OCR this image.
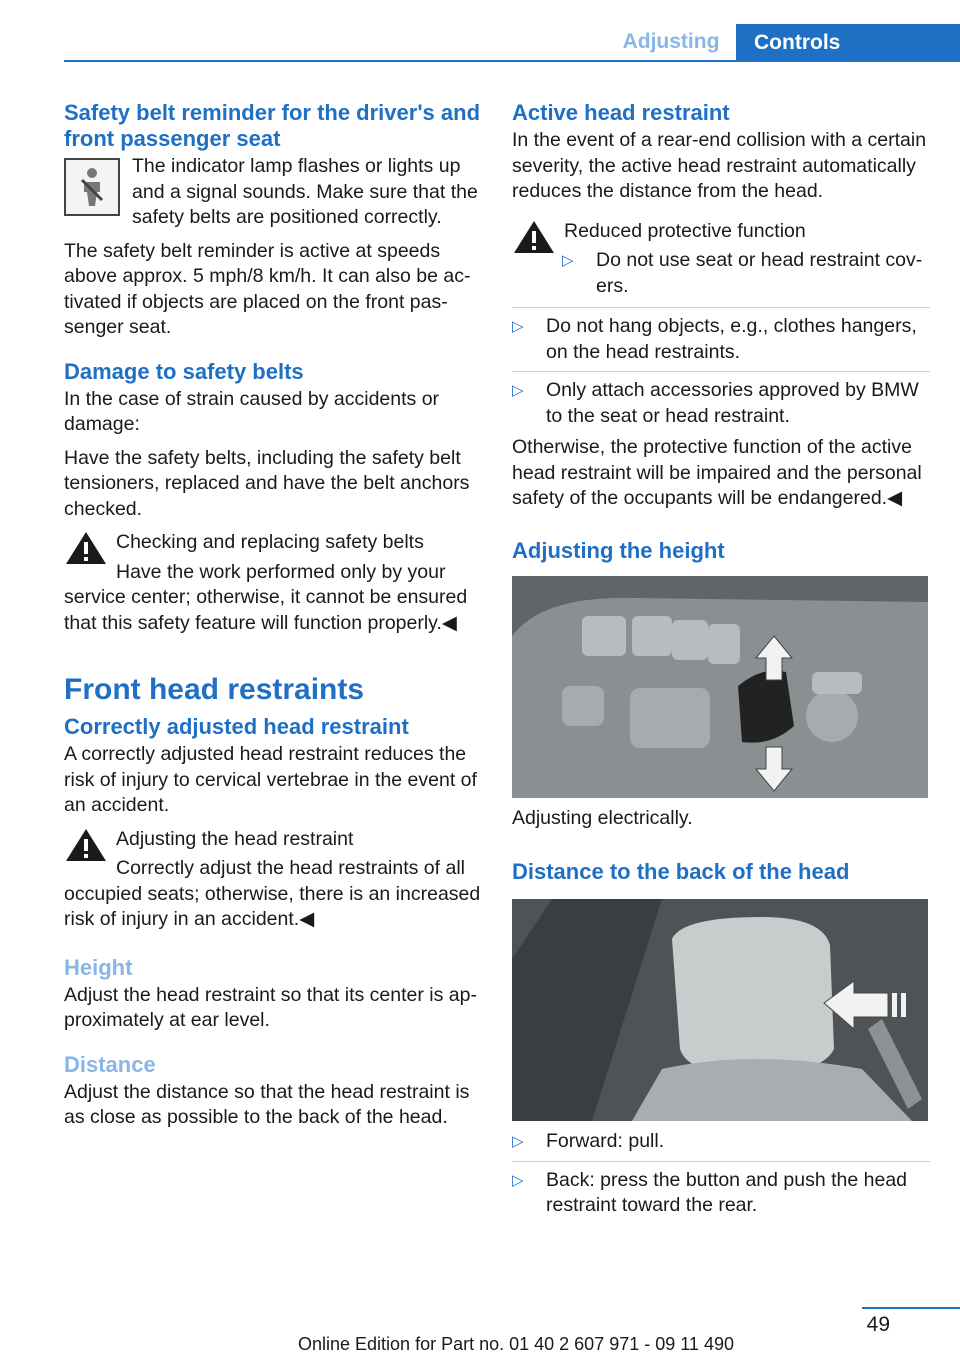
Adjusting	Controls
Safety belt reminder for the driver's and front passenger seat

The indicator lamp flashes or lights up and a signal sounds. Make sure that the safety belts are positioned correctly.

The safety belt reminder is active at speeds above approx. 5 mph/8 km/h. It can also be activated if objects are placed on the front passenger seat.

Damage to safety belts

In the case of strain caused by accidents or damage:

Have the safety belts, including the safety belt tensioners, replaced and have the belt anchors checked.

Checking and replacing safety belts

Have the work performed only by your service center; otherwise, it cannot be ensured that this safety feature will function properly.◀

Front head restraints
Correctly adjusted head restraint

A correctly adjusted head restraint reduces the risk of injury to cervical vertebrae in the event of an accident.

Adjusting the head restraint

Correctly adjust the head restraints of all occupied seats; otherwise, there is an increased risk of injury in an accident.◀

Height

Adjust the head restraint so that its center is approximately at ear level.

Distance

Adjust the distance so that the head restraint is as close as possible to the back of the head.

Active head restraint

In the event of a rear-end collision with a certain severity, the active head restraint automatically reduces the distance from the head.

Reduced protective function

▷ Do not use seat or head restraint covers.

▷ Do not hang objects, e.g., clothes hangers, on the head restraints.

▷ Only attach accessories approved by BMW to the seat or head restraint.

Otherwise, the protective function of the active head restraint will be impaired and the personal safety of the occupants will be endangered.◀

Adjusting the height

Adjusting electrically.

Distance to the back of the head

▷ Forward: pull.

▷ Back: press the button and push the head restraint toward the rear.

49
Online Edition for Part no. 01 40 2 607 971 - 09 11 490
